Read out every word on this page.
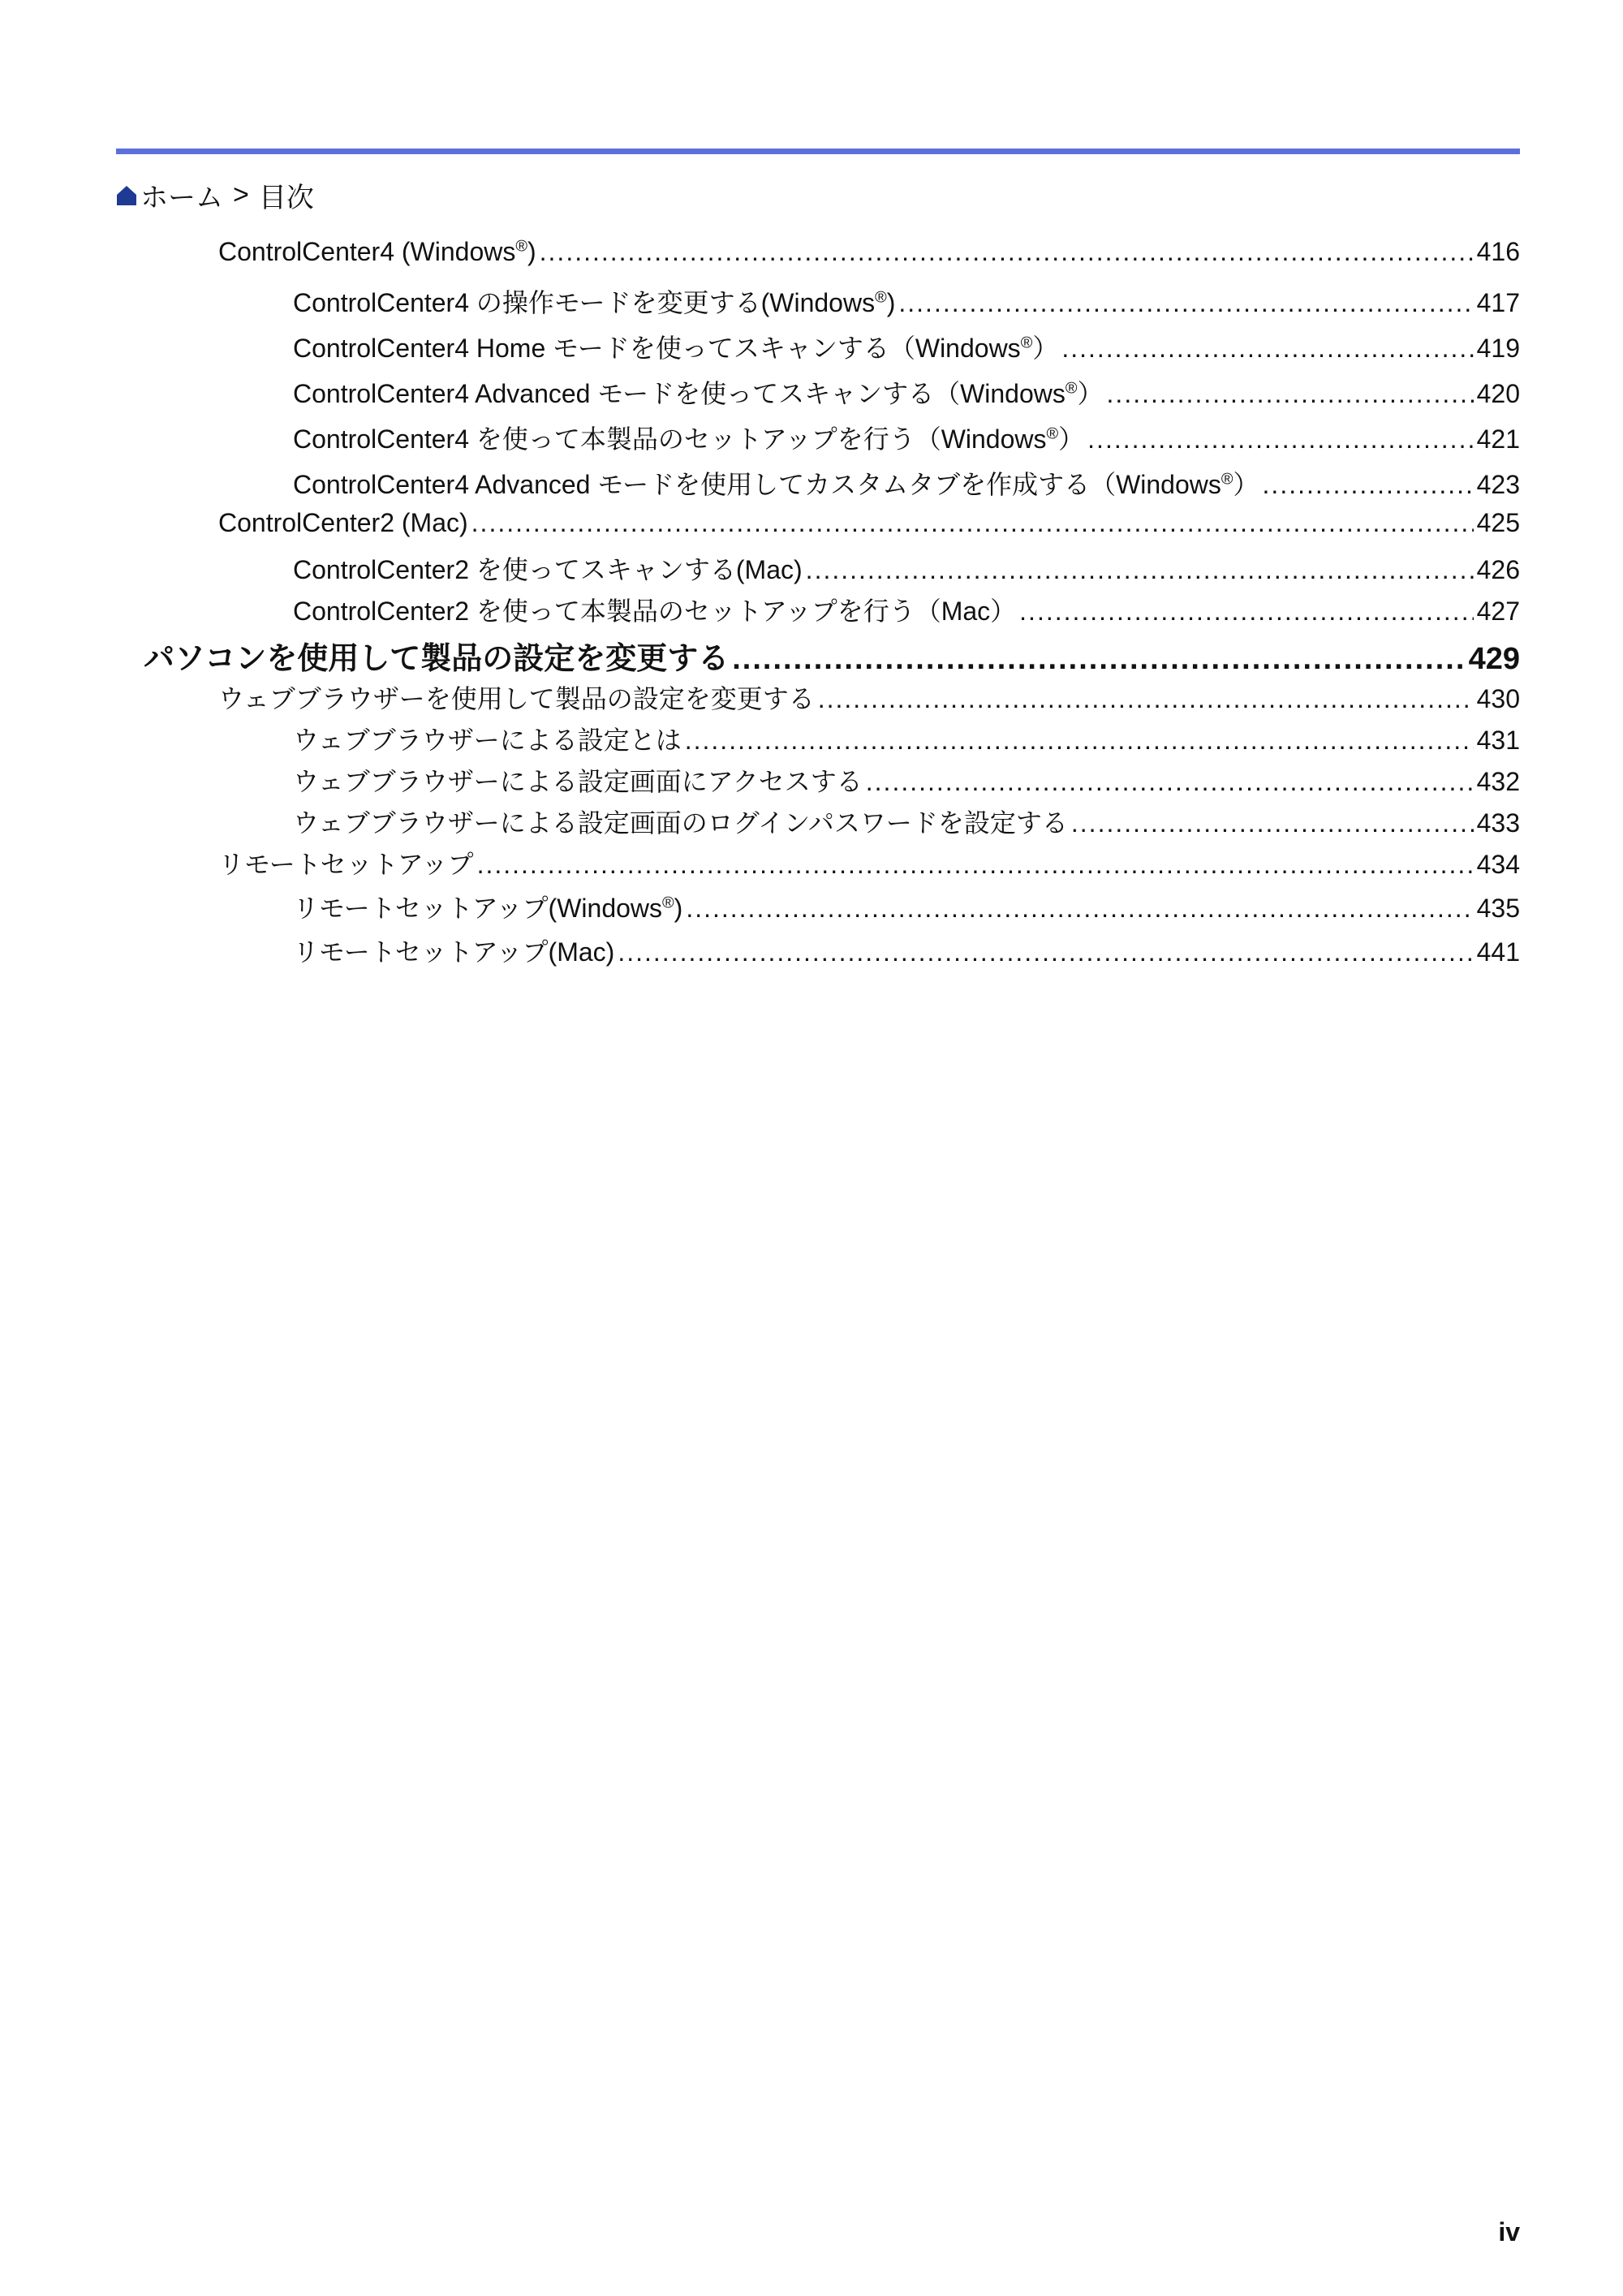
ホーム > 目次
ControlCenter4 (Windows®) .....	416
ControlCenter4 の操作モードを変更する(Windows®) .....	417
ControlCenter4 Home モードを使ってスキャンする（Windows®） .....	419
ControlCenter4 Advanced モードを使ってスキャンする（Windows®） .....	420
ControlCenter4 を使って本製品のセットアップを行う（Windows®） .....	421
ControlCenter4 Advanced モードを使用してカスタムタブを作成する（Windows®） .....	423
ControlCenter2 (Mac) .....	425
ControlCenter2 を使ってスキャンする(Mac) .....	426
ControlCenter2 を使って本製品のセットアップを行う（Mac） .....	427
パソコンを使用して製品の設定を変更する .....	429
ウェブブラウザーを使用して製品の設定を変更する .....	430
ウェブブラウザーによる設定とは .....	431
ウェブブラウザーによる設定画面にアクセスする .....	432
ウェブブラウザーによる設定画面のログインパスワードを設定する .....	433
リモートセットアップ .....	434
リモートセットアップ(Windows®) .....	435
リモートセットアップ(Mac) .....	441
iv
